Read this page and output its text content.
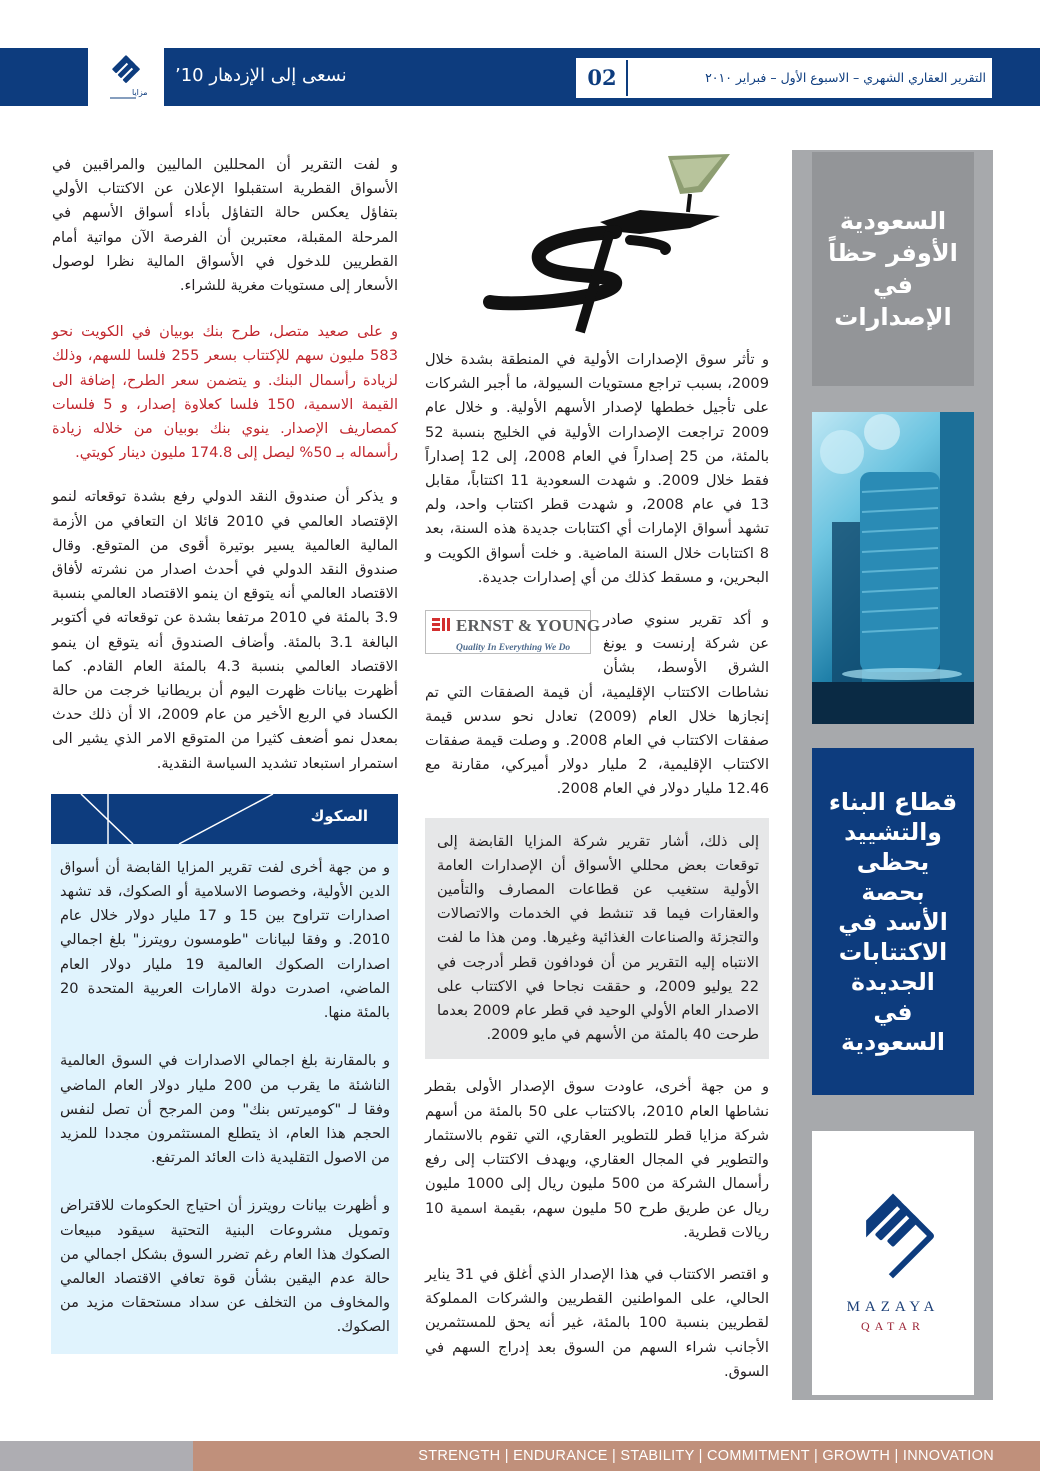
مزايا
نسعى إلى الإزدهار 10’	02	التقرير العقاري الشهري – الاسبوع الأول – فبراير ٢٠١٠
و لفت التقرير أن المحللين الماليين والمراقبين في الأسواق القطرية استقبلوا الإعلان عن الاكتتاب الأولي بتفاؤل يعكس حالة التفاؤل بأداء أسواق الأسهم في المرحلة المقبلة، معتبرين أن الفرصة الآن مواتية أمام القطريين للدخول في الأسواق المالية نظرا لوصول الأسعار إلى مستويات مغرية للشراء.
و على صعيد متصل، طرح بنك بوبيان في الكويت نحو 583 مليون سهم للإكتتاب بسعر 255 فلسا للسهم، وذلك لزيادة رأسمال البنك. و يتضمن سعر الطرح، إضافة الى القيمة الاسمية، 150 فلسا كعلاوة إصدار، و 5 فلسات كمصاريف الإصدار. ينوي بنك بوبيان من خلاله زيادة رأسماله بـ 50% ليصل إلى 174.8 مليون دينار كويتي.
و يذكر أن صندوق النقد الدولي رفع بشدة توقعاته لنمو الإقتصاد العالمي في 2010 قائلا ان التعافي من الأزمة المالية العالمية يسير بوتيرة أقوى من المتوقع. وقال صندوق النقد الدولي في أحدث اصدار من نشرته لأفاق الاقتصاد العالمي أنه يتوقع ان ينمو الاقتصاد العالمي بنسبة 3.9 بالمئة في 2010 مرتفعا بشدة عن توقعاته في أكتوبر البالغة 3.1 بالمئة. وأضاف الصندوق أنه يتوقع ان ينمو الاقتصاد العالمي بنسبة 4.3 بالمئة العام القادم. كما أظهرت بيانات ظهرت اليوم أن بريطانيا خرجت من حالة الكساد في الربع الأخير من عام 2009، الا أن ذلك حدث بمعدل نمو أضعف كثيرا من المتوقع الامر الذي يشير الى استمرار استبعاد تشديد السياسة النقدية.
الصكوك
و من جهة أخرى لفت تقرير المزايا القابضة أن أسواق الدين الأولية، وخصوصا الاسلامية أو الصكوك، قد تشهد اصدارات تتراوح بين 15 و 17 مليار دولار خلال عام 2010. و وفقا لبيانات "طومسون رويترز" بلغ اجمالي اصدارات الصكوك العالمية 19 مليار دولار العام الماضي، اصدرت دولة الامارات العربية المتحدة 20 بالمئة منها.
و بالمقارنة بلغ اجمالي الاصدارات في السوق العالمية الناشئة ما يقرب من 200 مليار دولار العام الماضي وفقا لـ "كوميرتس بنك" ومن المرجح أن تصل لنفس الحجم هذا العام، اذ يتطلع المستثمرون مجددا للمزيد من الاصول التقليدية ذات العائد المرتفع.
و أظهرت بيانات رويترز أن احتياج الحكومات للاقتراض وتمويل مشروعات البنية التحتية سيقود مبيعات الصكوك هذا العام رغم تضرر السوق بشكل اجمالي من حالة عدم اليقين بشأن قوة تعافي الاقتصاد العالمي والمخاوف من التخلف عن سداد مستحقات مزيد من الصكوك.
و تأثر سوق الإصدارات الأولية في المنطقة بشدة خلال 2009، بسبب تراجع مستويات السيولة، ما أجبر الشركات على تأجيل خططها لإصدار الأسهم الأولية. و خلال عام 2009 تراجعت الإصدارات الأولية في الخليج بنسبة 52 بالمئة، من 25 إصداراً في العام 2008، إلى 12 إصداراً فقط خلال 2009. و شهدت السعودية 11 اكتتاباً، مقابل 13 في عام 2008، و شهدت قطر اكتتاب واحد، ولم تشهد أسواق الإمارات أي اكتتابات جديدة هذه السنة، بعد 8 اكتتابات خلال السنة الماضية. و خلت أسواق الكويت و البحرين، و مسقط كذلك من أي إصدارات جديدة.
ERNST & YOUNG
Quality In Everything We Do
و أكد تقرير سنوي صادر عن شركة إرنست و يونغ الشرق الأوسط، بشأن نشاطات الاكتتاب الإقليمية، أن قيمة الصفقات التي تم إنجازها خلال العام (2009) تعادل نحو سدس قيمة صفقات الاكتتاب في العام 2008. و وصلت قيمة صفقات الاكتتاب الإقليمية، 2 مليار دولار أميركي، مقارنة مع 12.46 مليار دولار في العام 2008.
إلى ذلك، أشار تقرير شركة المزايا القابضة إلى توقعات بعض محللي الأسواق أن الإصدارات العامة الأولية ستغيب عن قطاعات المصارف والتأمين والعقارات فيما قد تنشط في الخدمات والاتصالات والتجزئة والصناعات الغذائية وغيرها. ومن هذا ما لفت الانتباه إليه التقرير من أن فودافون قطر أدرجت في 22 يوليو 2009، و حققت نجاحا في الاكتتاب على الاصدار العام الأولي الوحيد في قطر عام 2009 بعدما طرحت 40 بالمئة من الأسهم في مايو 2009.
و من جهة أخرى، عاودت سوق الإصدار الأولى بقطر نشاطها العام 2010، بالاكتتاب على 50 بالمئة من أسهم شركة مزايا قطر للتطوير العقاري، التي تقوم بالاستثمار والتطوير في المجال العقاري، ويهدف الاكتتاب إلى رفع رأسمال الشركة من 500 مليون ريال إلى 1000 مليون ريال عن طريق طرح 50 مليون سهم، بقيمة اسمية 10 ريالات قطرية.
و اقتصر الاكتتاب في هذا الإصدار الذي أغلق في 31 يناير الحالي، على المواطنين القطريين والشركات المملوكة لقطريين بنسبة 100 بالمئة، غير أنه يحق للمستثمرين الأجانب شراء السهم من السوق بعد إدراج السهم في السوق.
السعودية الأوفر حظاً في الإصدارات
قطاع البناء والتشييد يحظى بحصة الأسد في الاكتتابات الجديدة في السعودية
MAZAYA
QATAR
STRENGTH | ENDURANCE | STABILITY | COMMITMENT | GROWTH | INNOVATION
